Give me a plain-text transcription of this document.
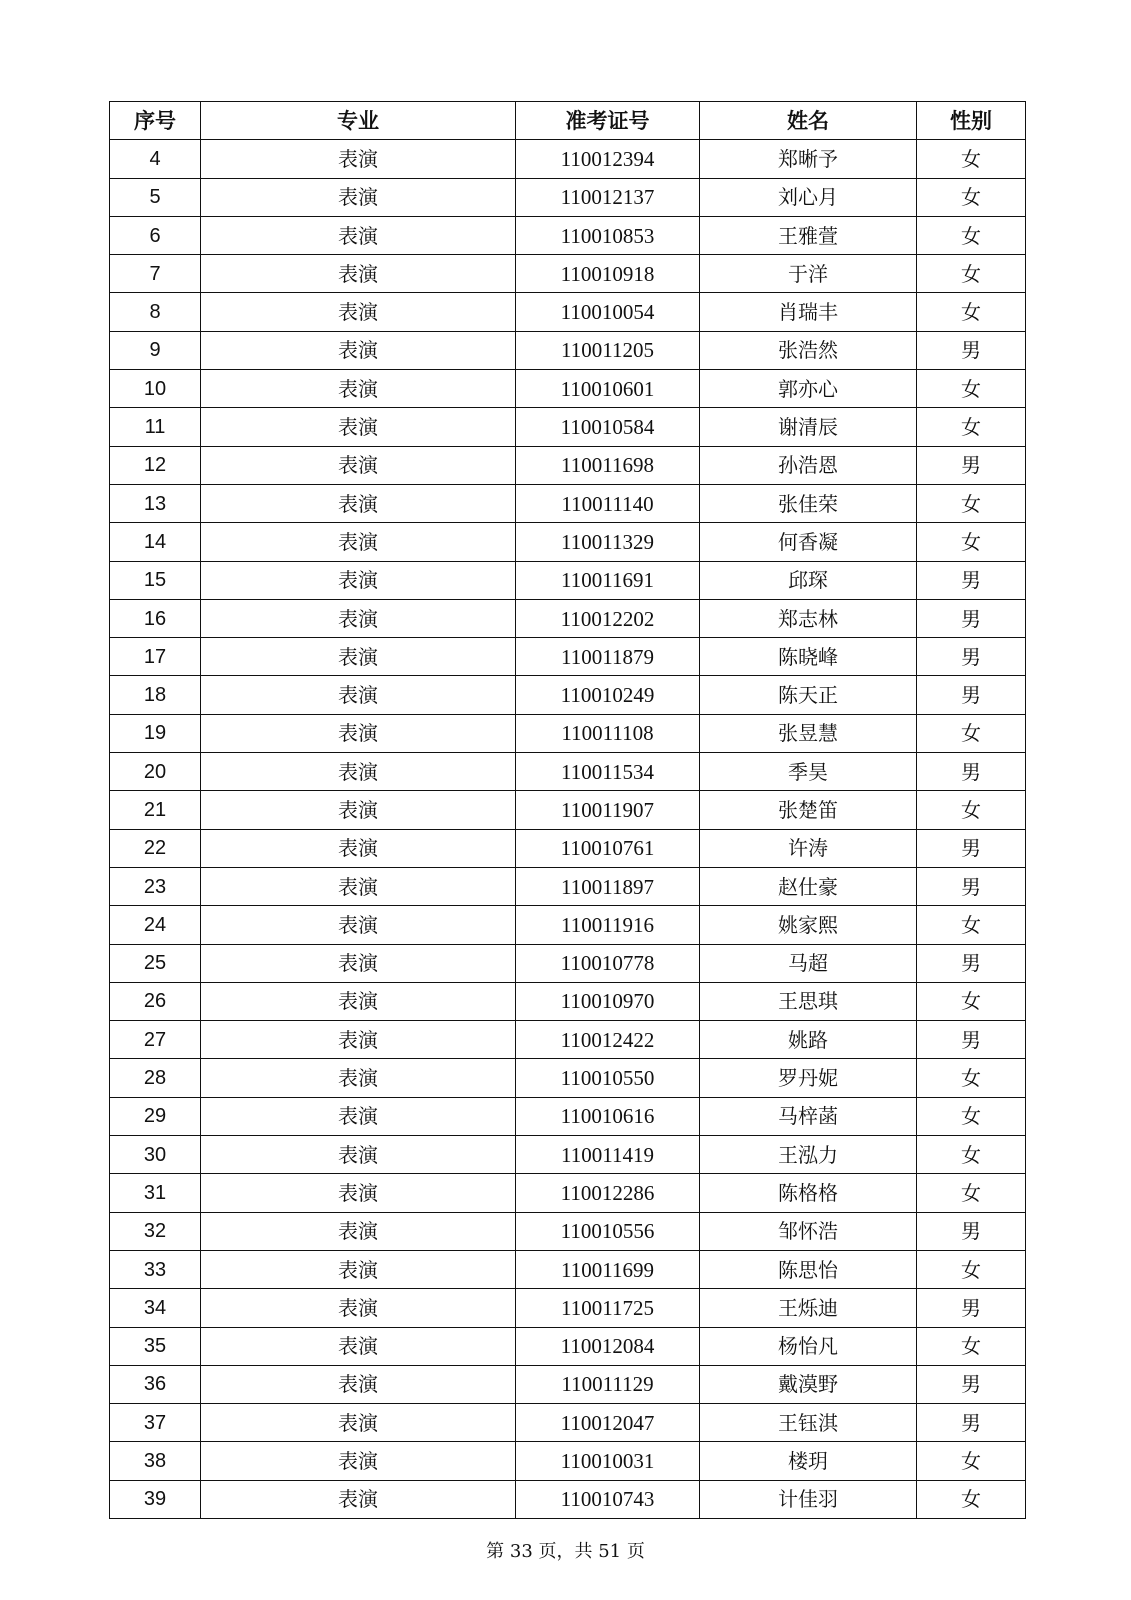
序号	专业	准考证号	姓名	性别
4	表演	110012394	郑晰予	女
5	表演	110012137	刘心月	女
6	表演	110010853	王雅萱	女
7	表演	110010918	于洋	女
8	表演	110010054	肖瑞丰	女
9	表演	110011205	张浩然	男
10	表演	110010601	郭亦心	女
11	表演	110010584	谢清辰	女
12	表演	110011698	孙浩恩	男
13	表演	110011140	张佳荣	女
14	表演	110011329	何香凝	女
15	表演	110011691	邱琛	男
16	表演	110012202	郑志林	男
17	表演	110011879	陈晓峰	男
18	表演	110010249	陈天正	男
19	表演	110011108	张昱慧	女
20	表演	110011534	季昊	男
21	表演	110011907	张楚笛	女
22	表演	110010761	许涛	男
23	表演	110011897	赵仕豪	男
24	表演	110011916	姚家熙	女
25	表演	110010778	马超	男
26	表演	110010970	王思琪	女
27	表演	110012422	姚路	男
28	表演	110010550	罗丹妮	女
29	表演	110010616	马梓菡	女
30	表演	110011419	王泓力	女
31	表演	110012286	陈格格	女
32	表演	110010556	邹怀浩	男
33	表演	110011699	陈思怡	女
34	表演	110011725	王烁迪	男
35	表演	110012084	杨怡凡	女
36	表演	110011129	戴漠野	男
37	表演	110012047	王钰淇	男
38	表演	110010031	楼玥	女
39	表演	110010743	计佳羽	女
第 33 页，共 51 页
